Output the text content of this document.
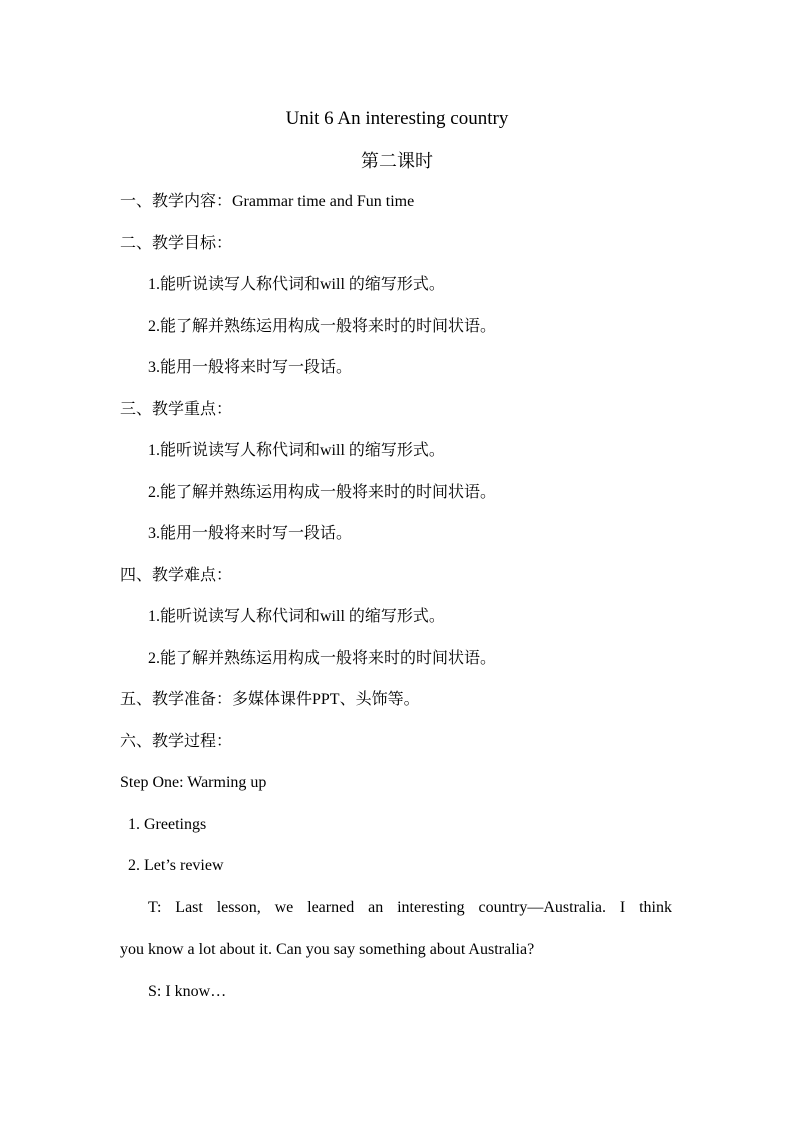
Unit 6 An interesting country
第二课时
一、教学内容：Grammar time and Fun time
二、教学目标：
1.能听说读写人称代词和will 的缩写形式。
2.能了解并熟练运用构成一般将来时的时间状语。
3.能用一般将来时写一段话。
三、教学重点：
1.能听说读写人称代词和will 的缩写形式。
2.能了解并熟练运用构成一般将来时的时间状语。
3.能用一般将来时写一段话。
四、教学难点：
1.能听说读写人称代词和will 的缩写形式。
2.能了解并熟练运用构成一般将来时的时间状语。
五、教学准备：多媒体课件PPT、头饰等。
六、教学过程：
Step One: Warming up
1. Greetings
2. Let’s review
T: Last lesson, we learned an interesting country—Australia. I think
you know a lot about it. Can you say something about Australia?
S: I know…
